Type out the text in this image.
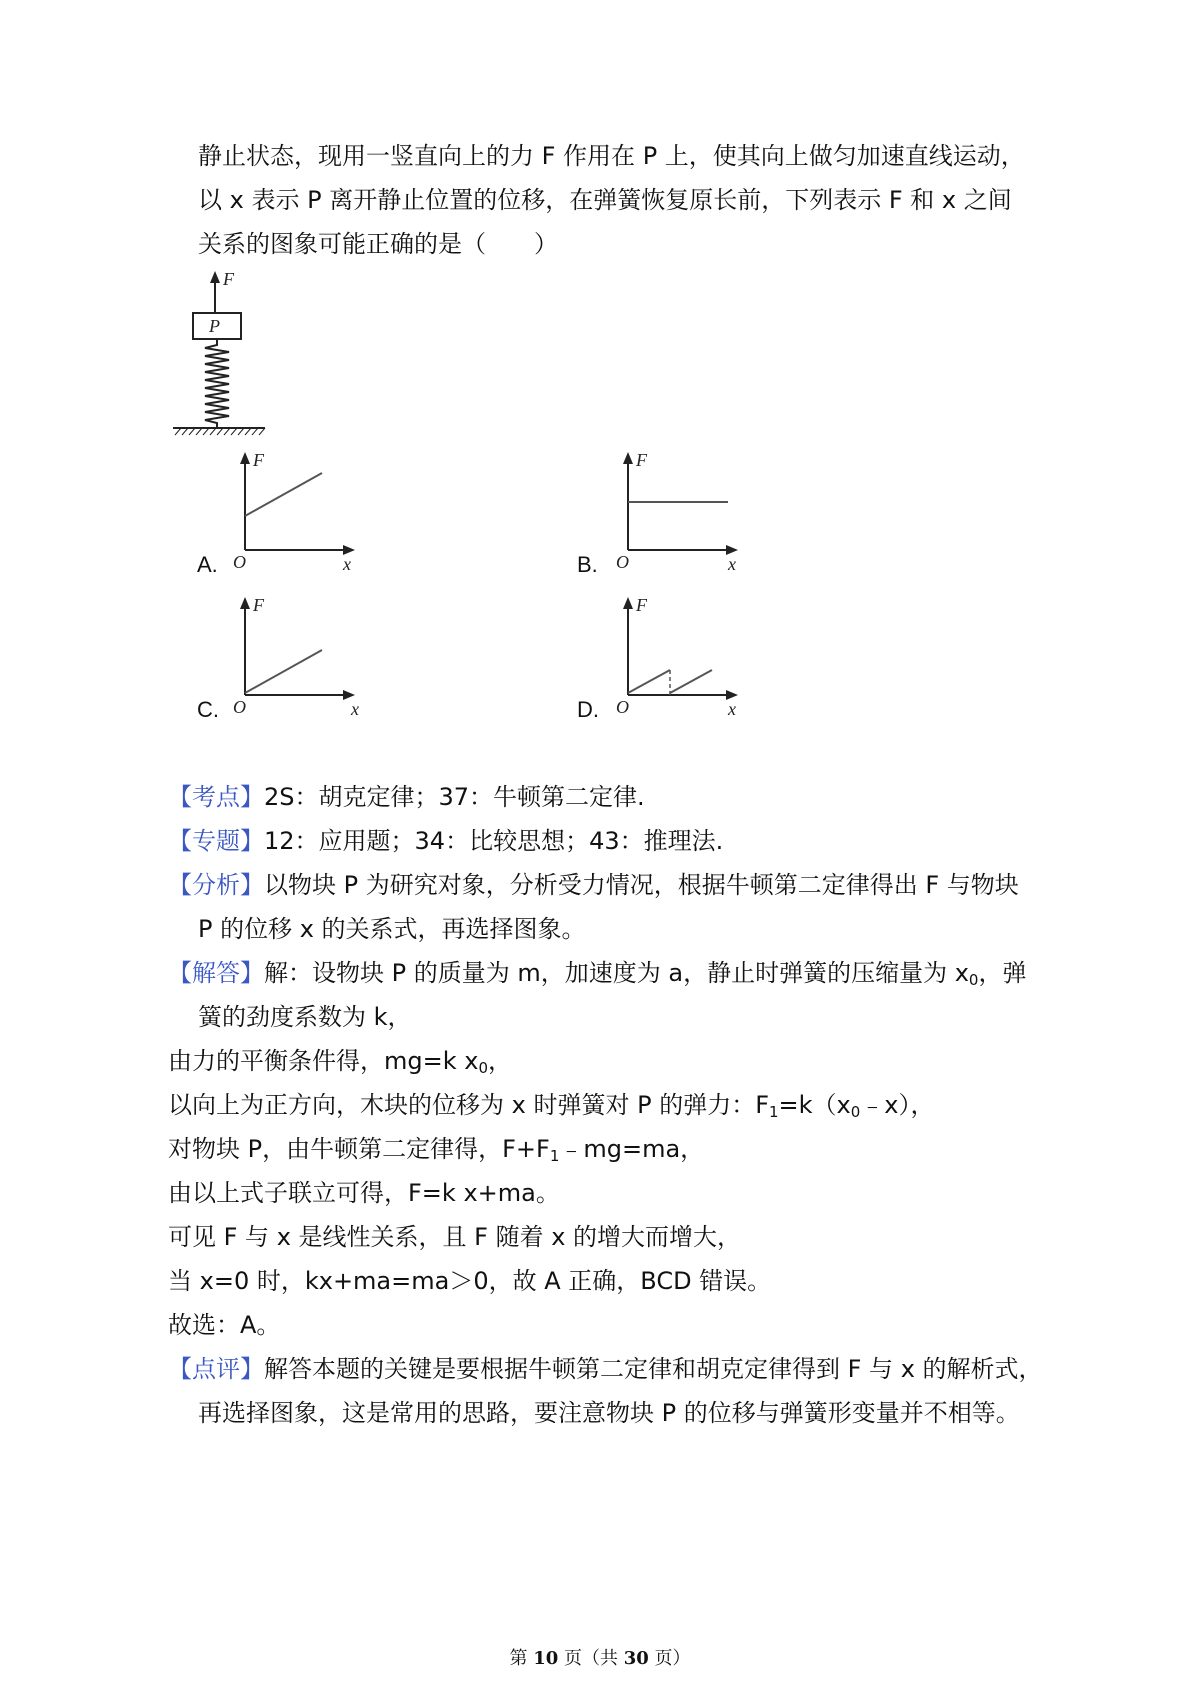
静止状态，现用一竖直向上的力 F 作用在 P 上，使其向上做匀加速直线运动，
以 x 表示 P 离开静止位置的位移，在弹簧恢复原长前，下列表示 F 和 x 之间
关系的图象可能正确的是（　　）
F
P
A.	B.
C.	D.
F
O	x
F
O	x
F
O	x
F
O	x
【考点】2S：胡克定律；37：牛顿第二定律.
【专题】12：应用题；34：比较思想；43：推理法.
【分析】以物块 P 为研究对象，分析受力情况，根据牛顿第二定律得出 F 与物块
P 的位移 x 的关系式，再选择图象。
【解答】解：设物块 P 的质量为 m，加速度为 a，静止时弹簧的压缩量为 $x_0$，弹
簧的劲度系数为 k，
由力的平衡条件得，mg=k $x_0$，
以向上为正方向，木块的位移为 x 时弹簧对 P 的弹力：$F_1=k(x_0﹣x)$，
对物块 P，由牛顿第二定律得，$F+F_1﹣mg=ma$，
由以上式子联立可得，F=k x+ma。
可见 F 与 x 是线性关系，且 F 随着 x 的增大而增大，
当 x=0 时，kx+ma=ma＞0，故 A 正确，BCD 错误。
故选：A。
【点评】解答本题的关键是要根据牛顿第二定律和胡克定律得到 F 与 x 的解析式，
再选择图象，这是常用的思路，要注意物块 P 的位移与弹簧形变量并不相等。
第 10 页（共 30 页）
